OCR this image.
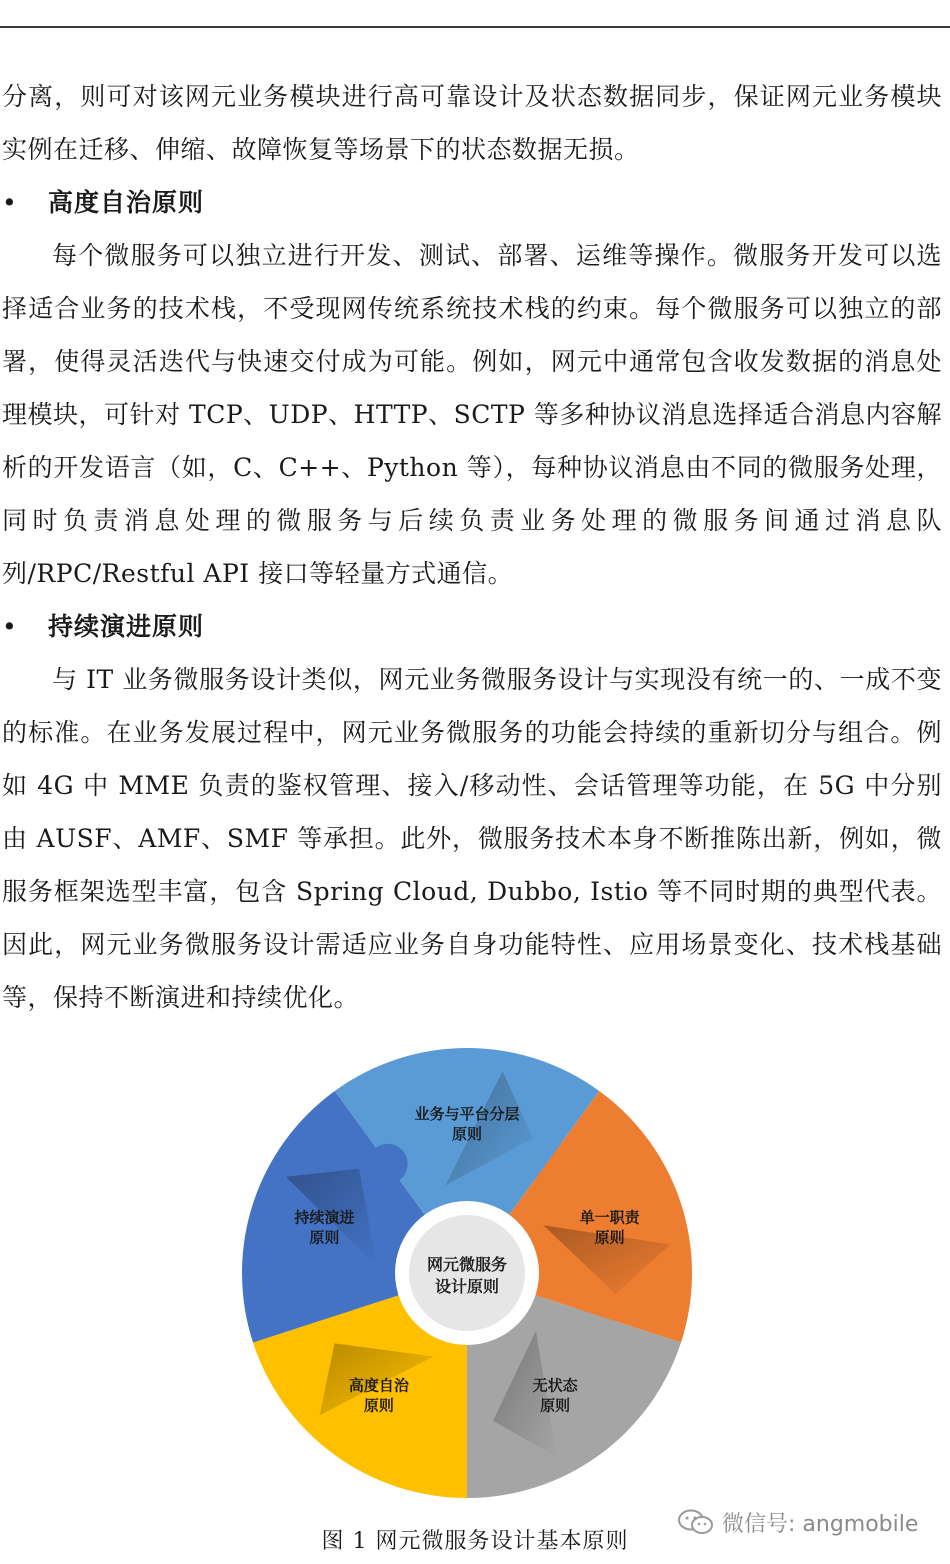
分离，则可对该网元业务模块进行高可靠设计及状态数据同步，保证网元业务模块实例在迁移、伸缩、故障恢复等场景下的状态数据无损。

• 高度自治原则

每个微服务可以独立进行开发、测试、部署、运维等操作。微服务开发可以选择适合业务的技术栈，不受现网传统系统技术栈的约束。每个微服务可以独立的部署，使得灵活迭代与快速交付成为可能。例如，网元中通常包含收发数据的消息处理模块，可针对 TCP、UDP、HTTP、SCTP 等多种协议消息选择适合消息内容解析的开发语言（如，C、C++、Python 等），每种协议消息由不同的微服务处理，同时负责消息处理的微服务与后续负责业务处理的微服务间通过消息队列/RPC/Restful API 接口等轻量方式通信。

• 持续演进原则

与 IT 业务微服务设计类似，网元业务微服务设计与实现没有统一的、一成不变的标准。在业务发展过程中，网元业务微服务的功能会持续的重新切分与组合。例如 4G 中 MME 负责的鉴权管理、接入/移动性、会话管理等功能，在 5G 中分别由 AUSF、AMF、SMF 等承担。此外，微服务技术本身不断推陈出新，例如，微服务框架选型丰富，包含 Spring Cloud, Dubbo, Istio 等不同时期的典型代表。因此，网元业务微服务设计需适应业务自身功能特性、应用场景变化、技术栈基础等，保持不断演进和持续优化。

业务与平台分层
原则
单一职责
原则
无状态
原则
高度自治
原则
持续演进
原则
网元微服务
设计原则
图 1 网元微服务设计基本原则
微信号: angmobile
